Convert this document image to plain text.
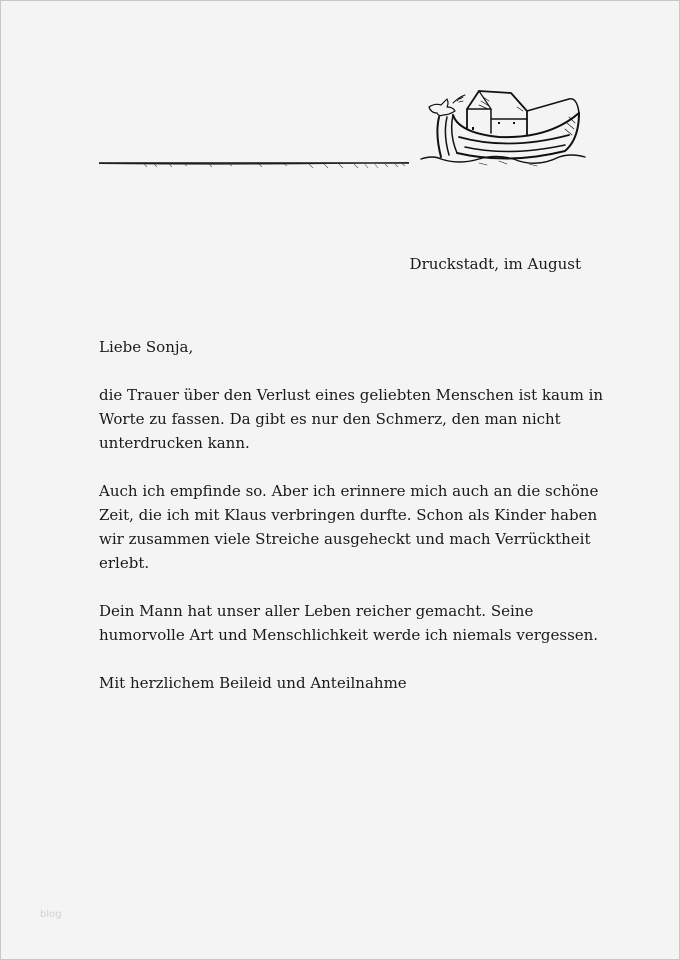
Druckstadt, im August

Liebe Sonja,

die Trauer über den Verlust eines geliebten Menschen ist kaum in
Worte zu fassen. Da gibt es nur den Schmerz, den man nicht
unterdrucken kann.

Auch ich empfinde so. Aber ich erinnere mich auch an die schöne
Zeit, die ich mit Klaus verbringen durfte. Schon als Kinder haben
wir zusammen viele Streiche ausgeheckt und mach Verrücktheit
erlebt.

Dein Mann hat unser aller Leben reicher gemacht. Seine
humorvolle Art und Menschlichkeit werde ich niemals vergessen.

Mit herzlichem Beileid und Anteilnahme

blog
